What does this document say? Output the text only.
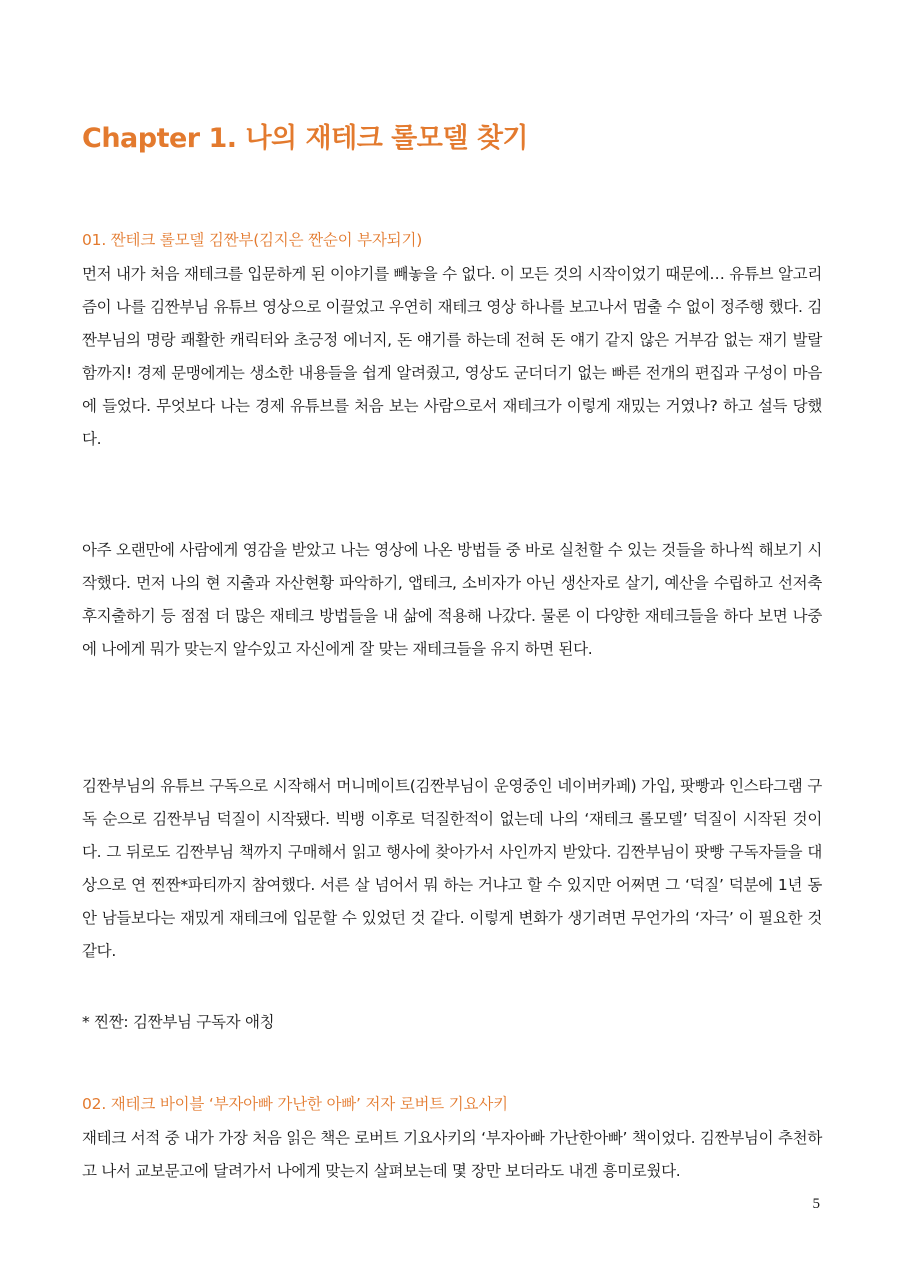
Chapter 1. 나의 재테크 롤모델 찾기
01. 짠테크 롤모델 김짠부(김지은 짠순이 부자되기)

먼저 내가 처음 재테크를 입문하게 된 이야기를 빼놓을 수 없다. 이 모든 것의 시작이었기 때문에… 유튜브 알고리즘이 나를 김짠부님 유튜브 영상으로 이끌었고 우연히 재테크 영상 하나를 보고나서 멈출 수 없이 정주행 했다. 김짠부님의 명랑 쾌활한 캐릭터와 초긍정 에너지, 돈 얘기를 하는데 전혀 돈 얘기 같지 않은 거부감 없는 재기 발랄함까지! 경제 문맹에게는 생소한 내용들을 쉽게 알려줬고, 영상도 군더더기 없는 빠른 전개의 편집과 구성이 마음에 들었다. 무엇보다 나는 경제 유튜브를 처음 보는 사람으로서 재테크가 이렇게 재밌는 거였나? 하고 설득 당했다.

아주 오랜만에 사람에게 영감을 받았고 나는 영상에 나온 방법들 중 바로 실천할 수 있는 것들을 하나씩 해보기 시작했다. 먼저 나의 현 지출과 자산현황 파악하기, 앱테크, 소비자가 아닌 생산자로 살기, 예산을 수립하고 선저축 후지출하기 등 점점 더 많은 재테크 방법들을 내 삶에 적용해 나갔다. 물론 이 다양한 재테크들을 하다 보면 나중에 나에게 뭐가 맞는지 알수있고 자신에게 잘 맞는 재테크들을 유지 하면 된다.

김짠부님의 유튜브 구독으로 시작해서 머니메이트(김짠부님이 운영중인 네이버카페) 가입, 팟빵과 인스타그램 구독 순으로 김짠부님 덕질이 시작됐다. 빅뱅 이후로 덕질한적이 없는데 나의 ‘재테크 롤모델’ 덕질이 시작된 것이다. 그 뒤로도 김짠부님 책까지 구매해서 읽고 행사에 찾아가서 사인까지 받았다. 김짠부님이 팟빵 구독자들을 대상으로 연 찐짠*파티까지 참여했다. 서른 살 넘어서 뭐 하는 거냐고 할 수 있지만 어쩌면 그 ‘덕질’ 덕분에 1년 동안 남들보다는 재밌게 재테크에 입문할 수 있었던 것 같다. 이렇게 변화가 생기려면 무언가의 ‘자극’ 이 필요한 것 같다.

* 찐짠: 김짠부님 구독자 애칭

02. 재테크 바이블 ‘부자아빠 가난한 아빠’ 저자 로버트 기요사키

재테크 서적 중 내가 가장 처음 읽은 책은 로버트 기요사키의 ‘부자아빠 가난한아빠’ 책이었다. 김짠부님이 추천하고 나서 교보문고에 달려가서 나에게 맞는지 살펴보는데 몇 장만 보더라도 내겐 흥미로웠다.

5
